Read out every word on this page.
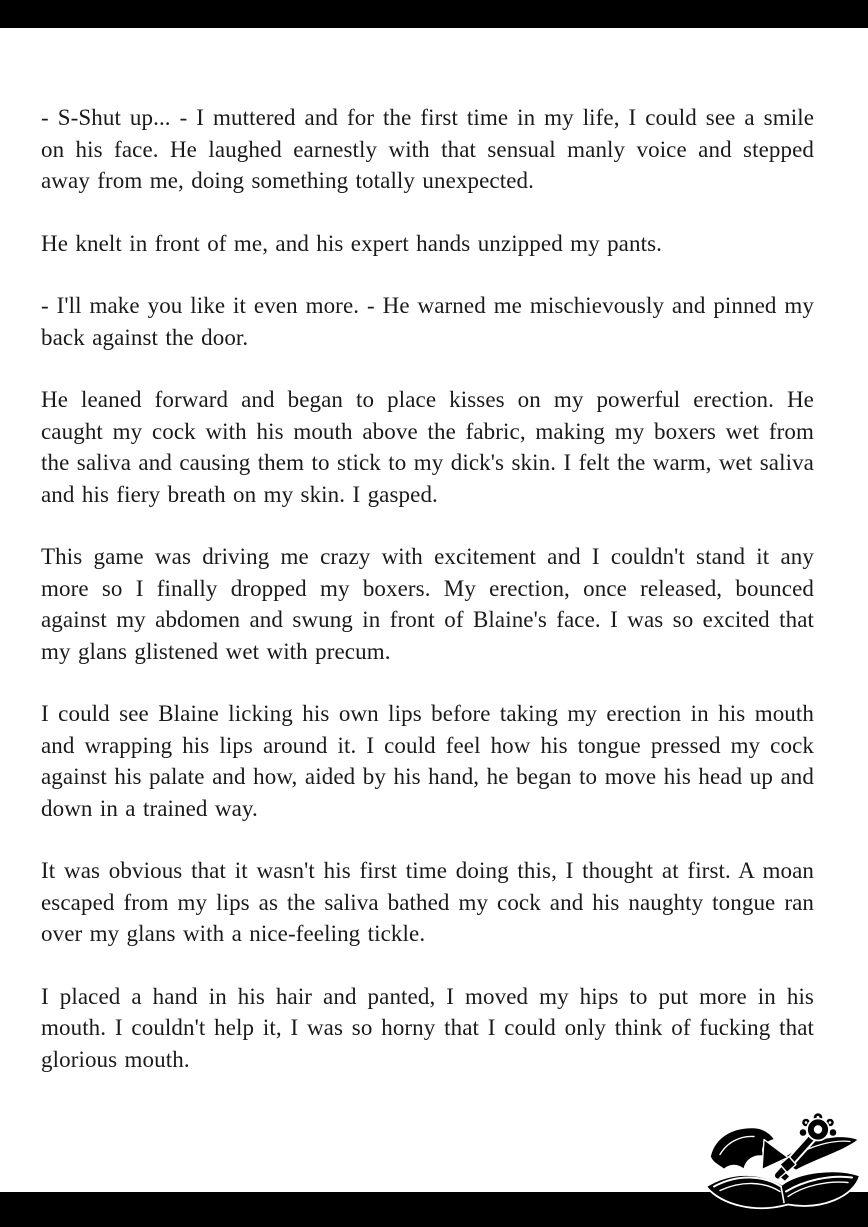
- S-Shut up... - I muttered and for the first time in my life, I could see a smile on his face. He laughed earnestly with that sensual manly voice and stepped away from me, doing something totally unexpected.

He knelt in front of me, and his expert hands unzipped my pants.

- I'll make you like it even more. - He warned me mischievously and pinned my back against the door.

He leaned forward and began to place kisses on my powerful erection. He caught my cock with his mouth above the fabric, making my boxers wet from the saliva and causing them to stick to my dick's skin. I felt the warm, wet saliva and his fiery breath on my skin. I gasped.

This game was driving me crazy with excitement and I couldn't stand it any more so I finally dropped my boxers. My erection, once released, bounced against my abdomen and swung in front of Blaine's face. I was so excited that my glans glistened wet with precum.

I could see Blaine licking his own lips before taking my erection in his mouth and wrapping his lips around it. I could feel how his tongue pressed my cock against his palate and how, aided by his hand, he began to move his head up and down in a trained way.

It was obvious that it wasn't his first time doing this, I thought at first. A moan escaped from my lips as the saliva bathed my cock and his naughty tongue ran over my glans with a nice-feeling tickle.

I placed a hand in his hair and panted, I moved my hips to put more in his mouth. I couldn't help it, I was so horny that I could only think of fucking that glorious mouth.
